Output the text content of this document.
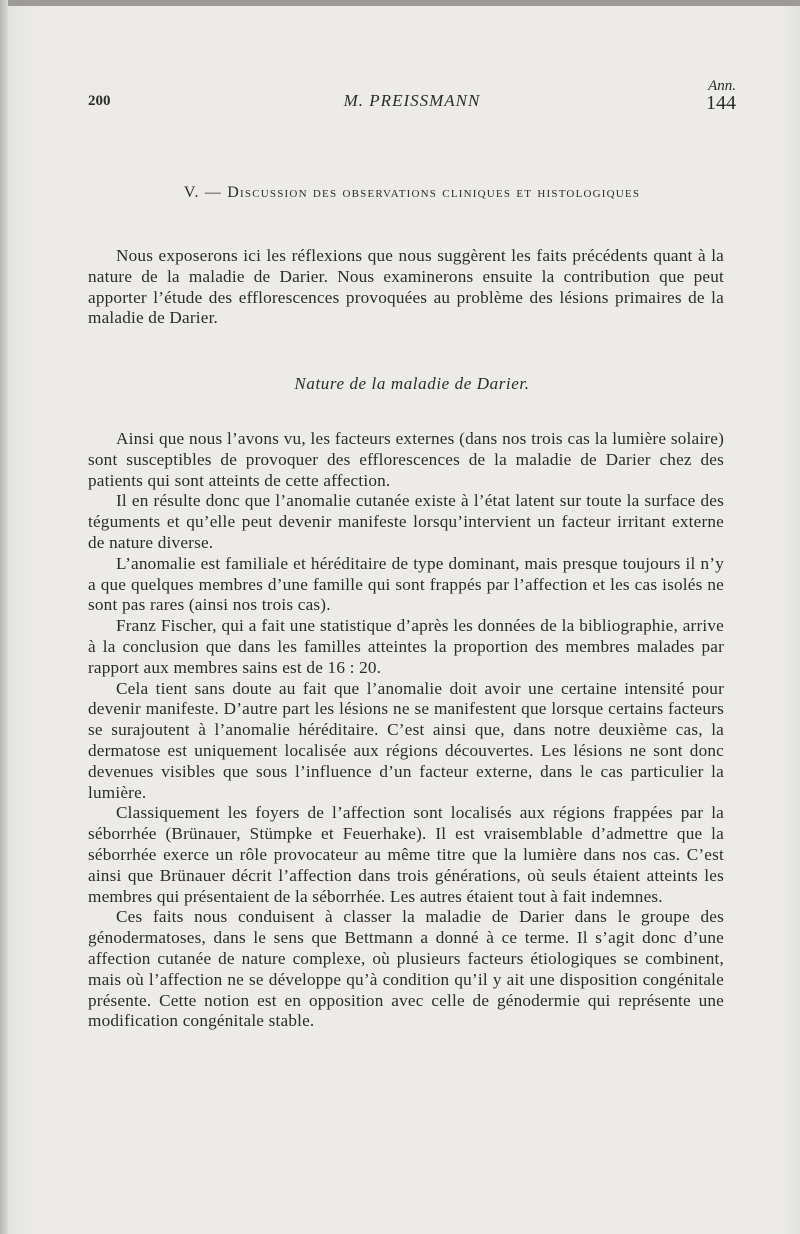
200	M. PREISSMANN
Ann.
144
V. — Discussion des observations cliniques et histologiques

Nous exposerons ici les réflexions que nous suggèrent les faits précédents quant à la nature de la maladie de Darier. Nous examinerons ensuite la contribution que peut apporter l’étude des efflorescences provoquées au problème des lésions primaires de la maladie de Darier.

Nature de la maladie de Darier.

Ainsi que nous l’avons vu, les facteurs externes (dans nos trois cas la lumière solaire) sont susceptibles de provoquer des efflorescences de la maladie de Darier chez des patients qui sont atteints de cette affection.

Il en résulte donc que l’anomalie cutanée existe à l’état latent sur toute la surface des téguments et qu’elle peut devenir manifeste lorsqu’intervient un facteur irritant externe de nature diverse.

L’anomalie est familiale et héréditaire de type dominant, mais presque toujours il n’y a que quelques membres d’une famille qui sont frappés par l’affection et les cas isolés ne sont pas rares (ainsi nos trois cas).

Franz Fischer, qui a fait une statistique d’après les données de la bibliographie, arrive à la conclusion que dans les familles atteintes la proportion des membres malades par rapport aux membres sains est de 16 : 20.

Cela tient sans doute au fait que l’anomalie doit avoir une certaine intensité pour devenir manifeste. D’autre part les lésions ne se manifestent que lorsque certains facteurs se surajoutent à l’anomalie héréditaire. C’est ainsi que, dans notre deuxième cas, la dermatose est uniquement localisée aux régions découvertes. Les lésions ne sont donc devenues visibles que sous l’influence d’un facteur externe, dans le cas particulier la lumière.

Classiquement les foyers de l’affection sont localisés aux régions frappées par la séborrhée (Brünauer, Stümpke et Feuerhake). Il est vraisemblable d’admettre que la séborrhée exerce un rôle provocateur au même titre que la lumière dans nos cas. C’est ainsi que Brünauer décrit l’affection dans trois générations, où seuls étaient atteints les membres qui présentaient de la séborrhée. Les autres étaient tout à fait indemnes.

Ces faits nous conduisent à classer la maladie de Darier dans le groupe des génodermatoses, dans le sens que Bettmann a donné à ce terme. Il s’agit donc d’une affection cutanée de nature complexe, où plusieurs facteurs étiologiques se combinent, mais où l’affection ne se développe qu’à condition qu’il y ait une disposition congénitale présente. Cette notion est en opposition avec celle de génodermie qui représente une modification congénitale stable.
